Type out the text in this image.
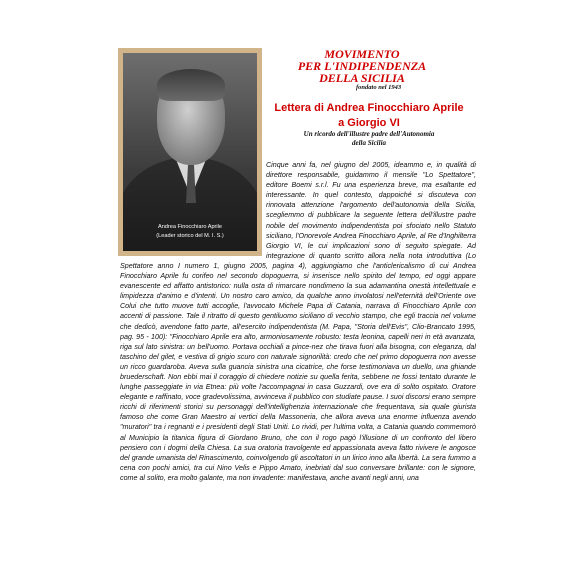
Andrea Finocchiaro Aprile
(Leader storico del M. I. S.)
MOVIMENTO
PER L'INDIPENDENZA
DELLA SICILIA
fondato nel 1943
Lettera di Andrea Finocchiaro Aprile
a Giorgio VI
Un ricordo dell'illustre padre dell'Autonomia
della Sicilia
Cinque anni fa, nel giugno del 2005, ideammo e, in qualità di direttore responsabile, guidammo il mensile "Lo Spettatore", editore Boemi s.r.l. Fu una esperienza breve, ma esaltante ed interessante. In quel contesto, dappoiché si discuteva con rinnovata attenzione l'argomento dell'autonomia della Sicilia, scegliemmo di pubblicare la seguente lettera dell'illustre padre nobile del movimento indipendentista poi sfociato nello Statuto siciliano, l'Onorevole Andrea Finocchiaro Aprile, al Re d'Inghilterra Giorgio VI, le cui implicazioni sono di seguito spiegate. Ad integrazione di quanto scritto allora nella nota introduttiva (Lo Spettatore anno I numero 1, giugno 2005, pagina 4), aggiungiamo che l'anticlericalismo di cui Andrea Finocchiaro Aprile fu corifeo nel secondo dopoguerra, si inserisce nello spirito del tempo, ed oggi appare evanescente ed affatto antistorico: nulla osta di rimarcare nondimeno la sua adamantina onestà intellettuale e limpidezza d'animo e d'intenti. Un nostro caro amico, da qualche anno involatosi nell'eternità dell'Oriente ove Colui che tutto muove tutti accoglie, l'avvocato Michele Papa di Catania, narrava di Finocchiaro Aprile con accenti di passione. Tale il ritratto di questo gentiluomo siciliano di vecchio stampo, che egli traccia nel volume che dedicò, avendone fatto parte, all'esercito indipendentista (M. Papa, "Storia dell'Evis", Clio-Brancato 1995, pag. 95 - 100): "Finocchiaro Aprile era alto, armoniosamente robusto: testa leonina, capelli neri in età avanzata, riga sul lato sinistra: un bell'uomo. Portava occhiali a pince-nez che tirava fuori alla bisogna, con eleganza, dal taschino del gilet, e vestiva di grigio scuro con naturale signorilità: credo che nel primo dopoguerra non avesse un ricco guardaroba. Aveva sulla guancia sinistra una cicatrice, che forse testimoniava un duello, una ghiande bruederschaft. Non ebbi mai il coraggio di chiedere notizie su quella ferita, sebbene ne fossi tentato durante le lunghe passeggiate in via Etnea: più volte l'accompagnai in casa Guzzardi, ove era di solito ospitato. Oratore elegante e raffinato, voce gradevolissima, avvinceva il pubblico con studiate pause. I suoi discorsi erano sempre ricchi di riferimenti storici su personaggi dell'intellighenzia internazionale che frequentava, sia quale giurista famoso che come Gran Maestro ai vertici della Massoneria, che allora aveva una enorme influenza avendo "muratori" tra i regnanti e i presidenti degli Stati Uniti. Lo rividi, per l'ultima volta, a Catania quando commemorò al Municipio la titanica figura di Giordano Bruno, che con il rogo pagò l'illusione di un confronto del libero pensiero con i dogmi della Chiesa. La sua oratoria travolgente ed appassionata aveva fatto rivivere le angosce del grande umanista del Rinascimento, coinvolgendo gli ascoltatori in un lirico inno alla libertà. La sera fummo a cena con pochi amici, tra cui Nino Velis e Pippo Amato, inebriati dal suo conversare brillante: con le signore, come al solito, era molto galante, ma non invadente: manifestava, anche avanti negli anni, una
